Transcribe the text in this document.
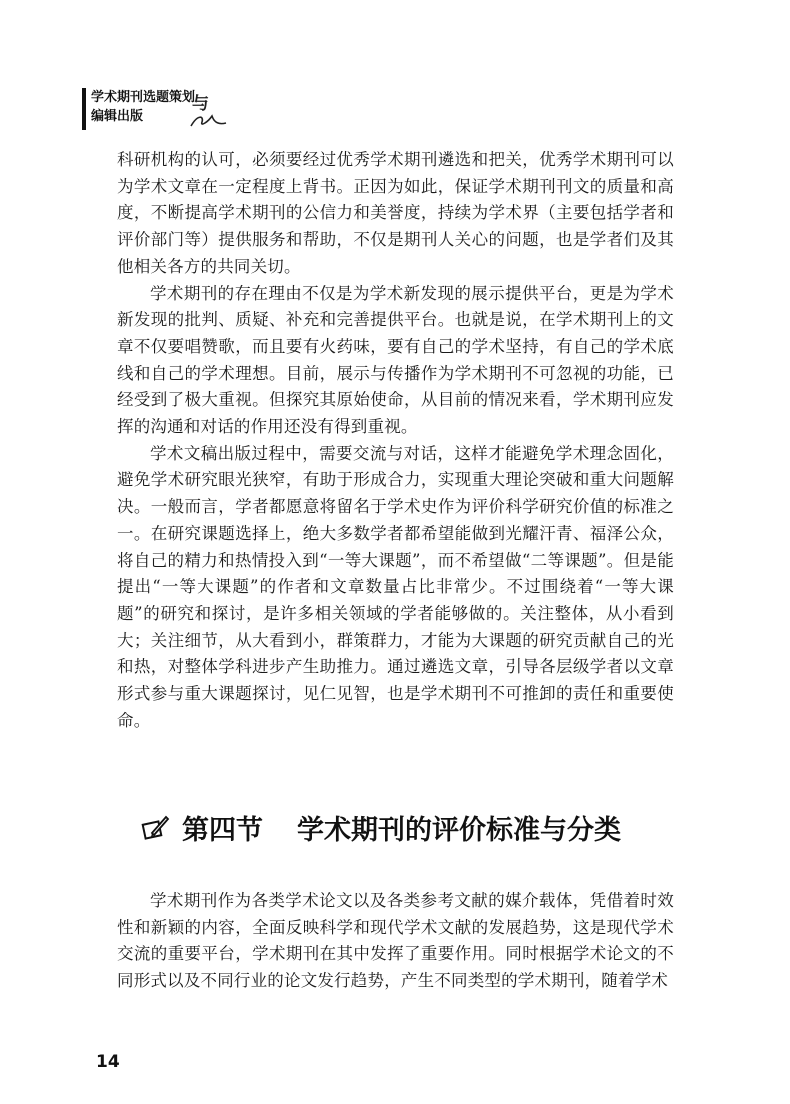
学术期刊选题策划
编辑出版
与

科研机构的认可，必须要经过优秀学术期刊遴选和把关，优秀学术期刊可以为学术文章在一定程度上背书。正因为如此，保证学术期刊刊文的质量和高度，不断提高学术期刊的公信力和美誉度，持续为学术界（主要包括学者和评价部门等）提供服务和帮助，不仅是期刊人关心的问题，也是学者们及其他相关各方的共同关切。

学术期刊的存在理由不仅是为学术新发现的展示提供平台，更是为学术新发现的批判、质疑、补充和完善提供平台。也就是说，在学术期刊上的文章不仅要唱赞歌，而且要有火药味，要有自己的学术坚持，有自己的学术底线和自己的学术理想。目前，展示与传播作为学术期刊不可忽视的功能，已经受到了极大重视。但探究其原始使命，从目前的情况来看，学术期刊应发挥的沟通和对话的作用还没有得到重视。

学术文稿出版过程中，需要交流与对话，这样才能避免学术理念固化，避免学术研究眼光狭窄，有助于形成合力，实现重大理论突破和重大问题解决。一般而言，学者都愿意将留名于学术史作为评价科学研究价值的标准之一。在研究课题选择上，绝大多数学者都希望能做到光耀汗青、福泽公众，将自己的精力和热情投入到“一等大课题”，而不希望做“二等课题”。但是能提出“一等大课题”的作者和文章数量占比非常少。不过围绕着“一等大课题”的研究和探讨，是许多相关领域的学者能够做的。关注整体，从小看到大；关注细节，从大看到小，群策群力，才能为大课题的研究贡献自己的光和热，对整体学科进步产生助推力。通过遴选文章，引导各层级学者以文章形式参与重大课题探讨，见仁见智，也是学术期刊不可推卸的责任和重要使命。

第四节 学术期刊的评价标准与分类

学术期刊作为各类学术论文以及各类参考文献的媒介载体，凭借着时效性和新颖的内容，全面反映科学和现代学术文献的发展趋势，这是现代学术交流的重要平台，学术期刊在其中发挥了重要作用。同时根据学术论文的不同形式以及不同行业的论文发行趋势，产生不同类型的学术期刊，随着学术

14
